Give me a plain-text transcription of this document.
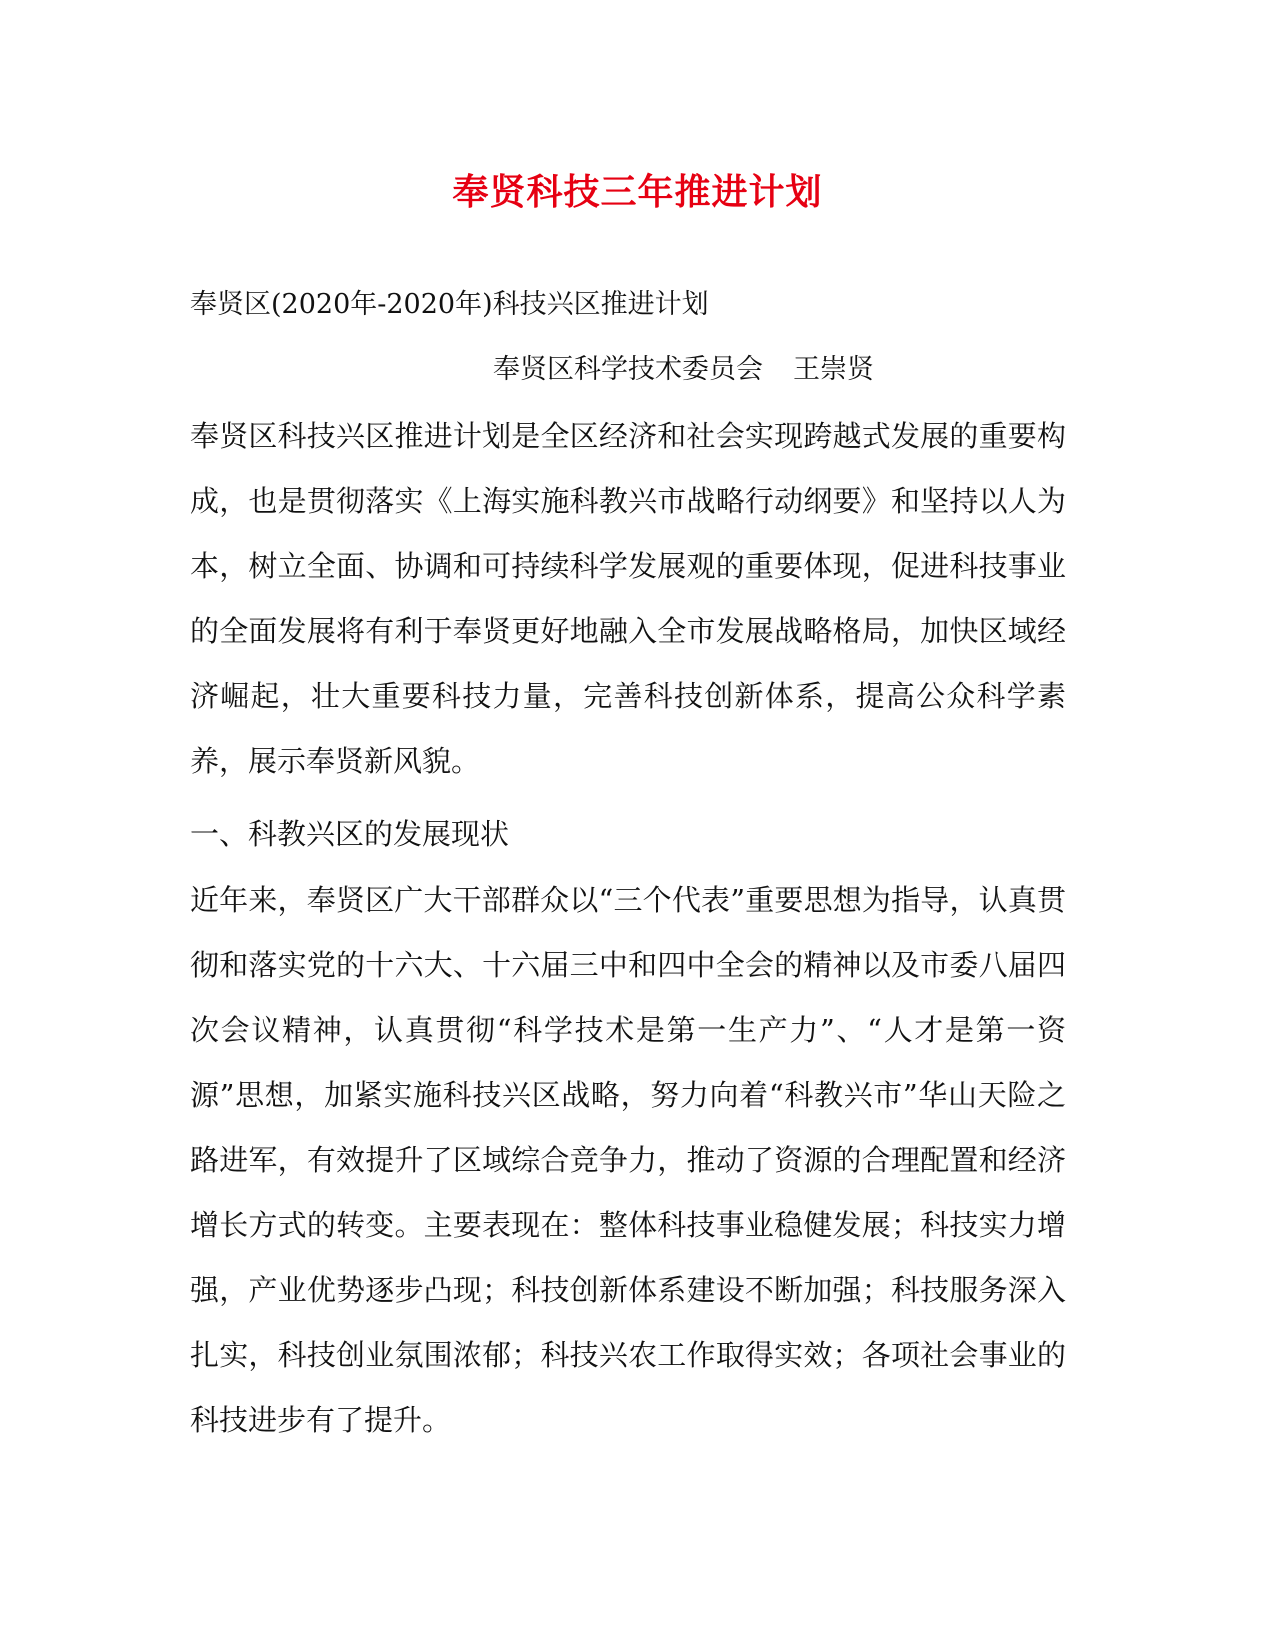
奉贤科技三年推进计划

奉贤区(2020年-2020年)科技兴区推进计划

奉贤区科学技术委员会 王崇贤

奉贤区科技兴区推进计划是全区经济和社会实现跨越式发展的重要构成，也是贯彻落实《上海实施科教兴市战略行动纲要》和坚持以人为本，树立全面、协调和可持续科学发展观的重要体现，促进科技事业的全面发展将有利于奉贤更好地融入全市发展战略格局，加快区域经济崛起，壮大重要科技力量，完善科技创新体系，提高公众科学素养，展示奉贤新风貌。

一、科教兴区的发展现状

近年来，奉贤区广大干部群众以“三个代表”重要思想为指导，认真贯彻和落实党的十六大、十六届三中和四中全会的精神以及市委八届四次会议精神，认真贯彻“科学技术是第一生产力”、“人才是第一资源”思想，加紧实施科技兴区战略，努力向着“科教兴市”华山天险之路进军，有效提升了区域综合竞争力，推动了资源的合理配置和经济增长方式的转变。主要表现在：整体科技事业稳健发展；科技实力增强，产业优势逐步凸现；科技创新体系建设不断加强；科技服务深入扎实，科技创业氛围浓郁；科技兴农工作取得实效；各项社会事业的科技进步有了提升。
